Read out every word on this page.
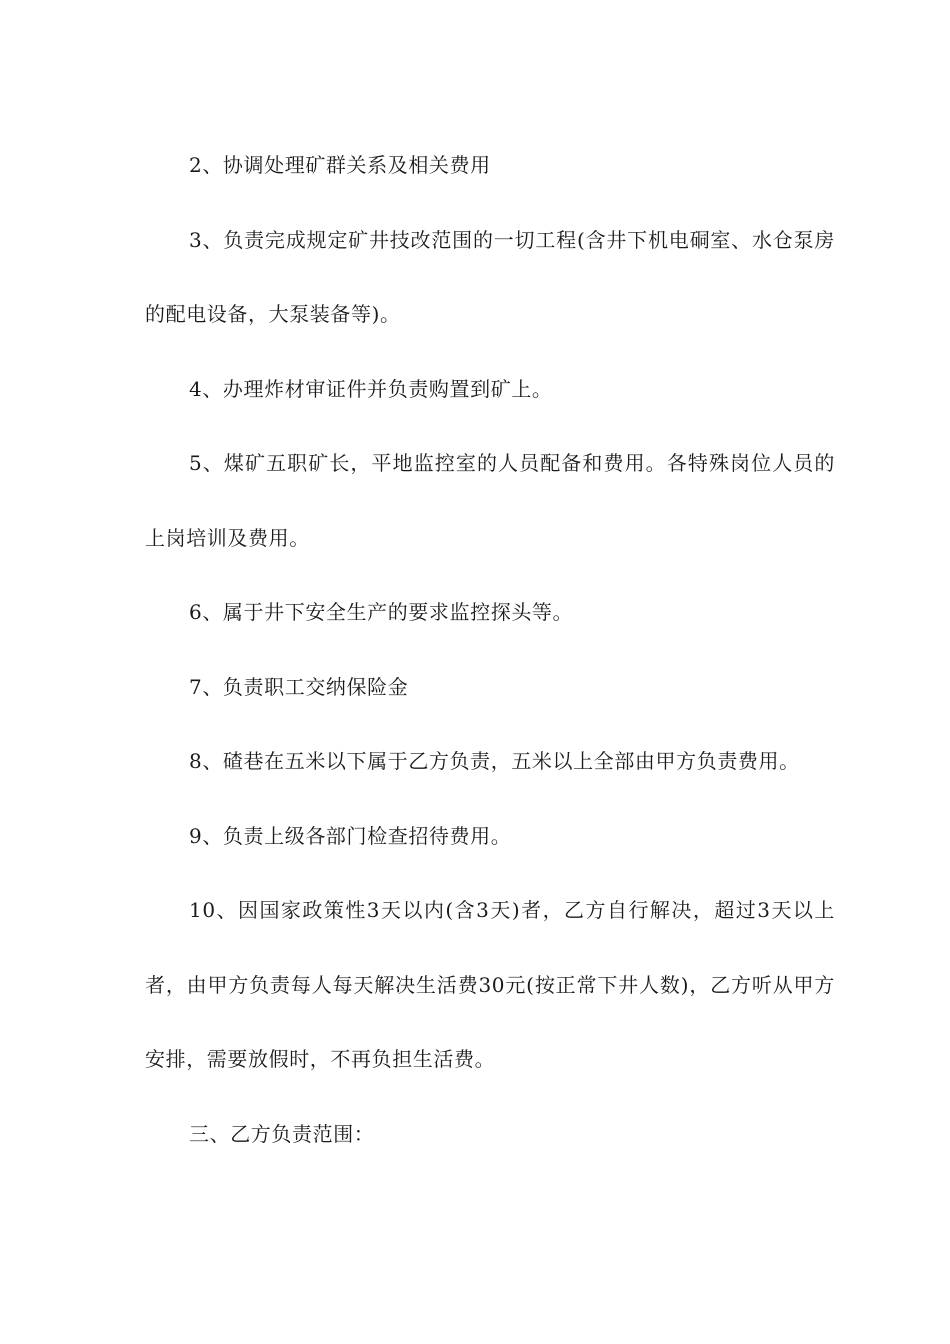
2、协调处理矿群关系及相关费用

3、负责完成规定矿井技改范围的一切工程(含井下机电硐室、水仓泵房的配电设备，大泵装备等)。

4、办理炸材审证件并负责购置到矿上。

5、煤矿五职矿长，平地监控室的人员配备和费用。各特殊岗位人员的上岗培训及费用。

6、属于井下安全生产的要求监控探头等。

7、负责职工交纳保险金

8、碴巷在五米以下属于乙方负责，五米以上全部由甲方负责费用。

9、负责上级各部门检查招待费用。

10、因国家政策性3天以内(含3天)者，乙方自行解决，超过3天以上者，由甲方负责每人每天解决生活费30元(按正常下井人数)，乙方听从甲方安排，需要放假时，不再负担生活费。

三、乙方负责范围：
